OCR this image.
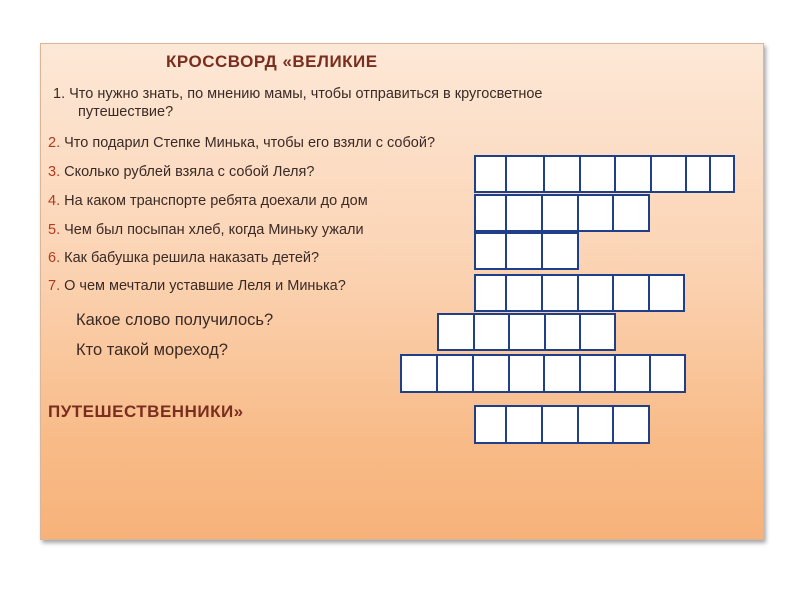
КРОССВОРД «ВЕЛИКИЕ
1. Что нужно знать, по мнению мамы, чтобы отправиться в кругосветное
путешествие?
2. Что подарил Степке Минька, чтобы его взяли с собой?
3. Сколько рублей взяла с собой Леля?
4. На каком транспорте ребята доехали до дом
5. Чем был посыпан хлеб, когда Миньку ужали
6. Как бабушка решила наказать детей?
7. О чем мечтали уставшие Леля и Минька?
Какое слово получилось?
Кто такой мореход?
ПУТЕШЕСТВЕННИКИ»
